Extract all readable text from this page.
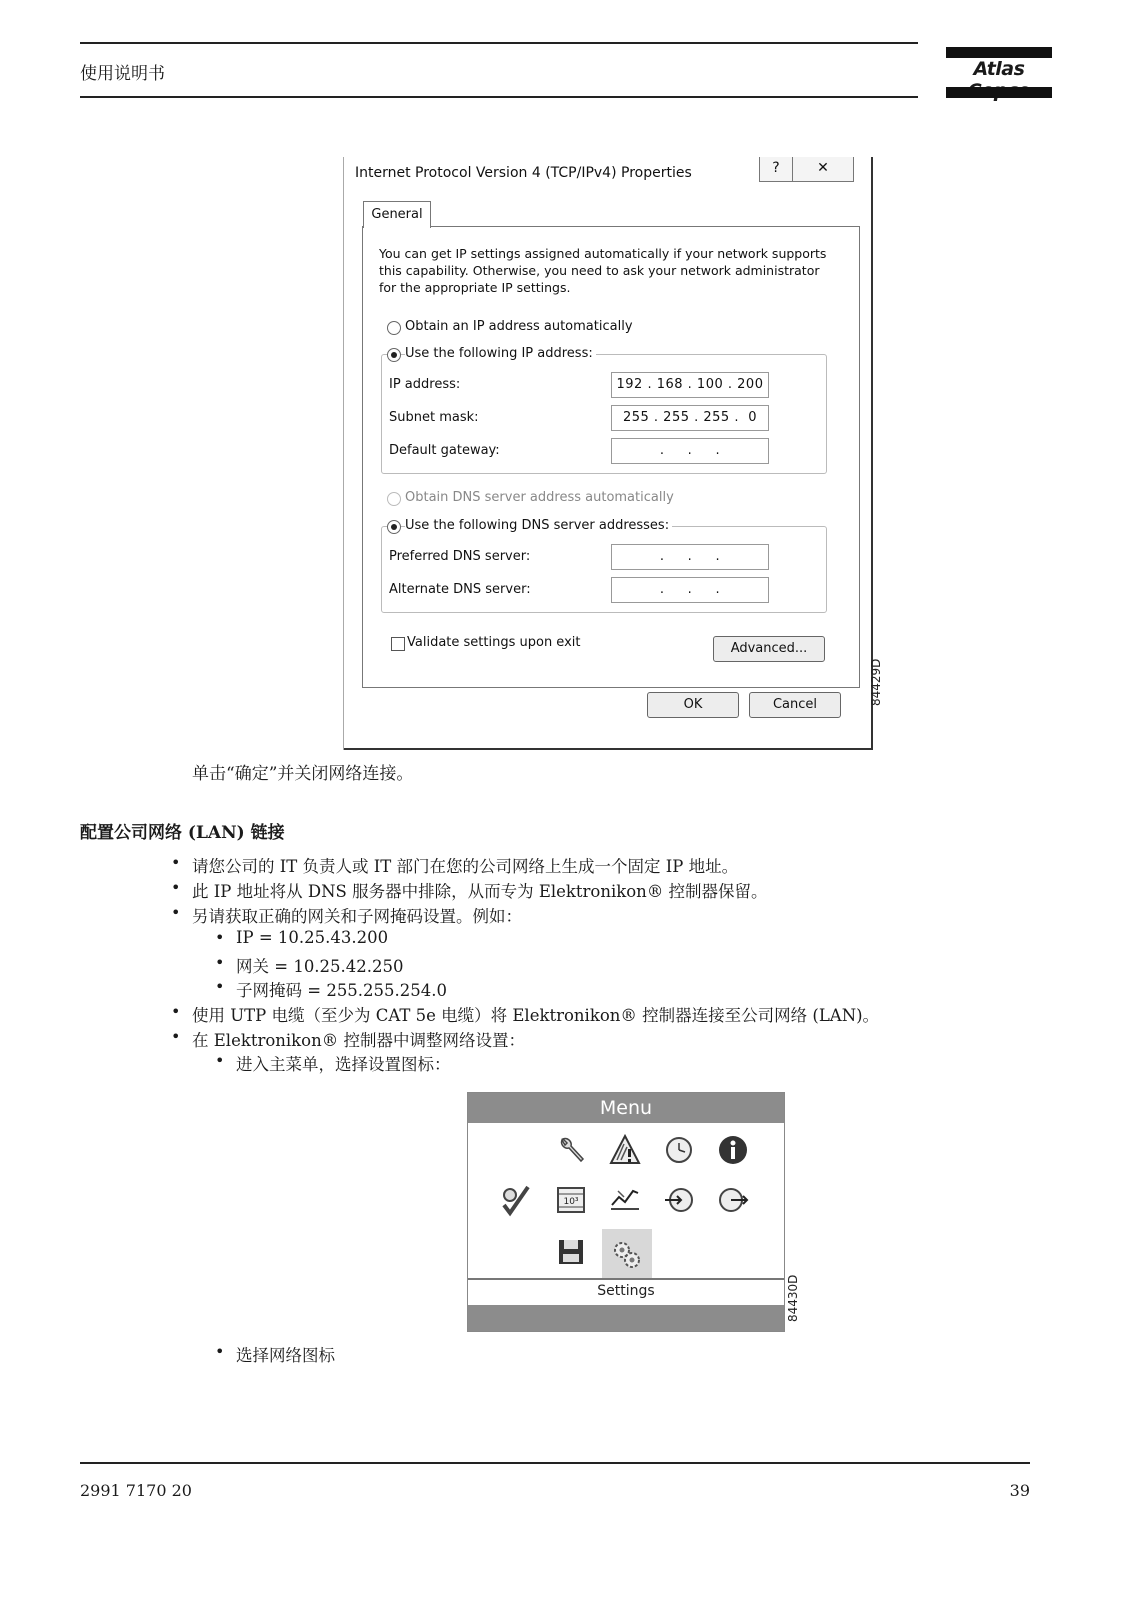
使用说明书	Atlas
Internet Protocol Version 4 (TCP/IPv4) Properties	?	✕
General
You can get IP settings assigned automatically if your network supports this capability. Otherwise, you need to ask your network administrator for the appropriate IP settings.
Obtain an IP address automatically
Use the following IP address:
IP address:	192 . 168 . 100 . 200
Subnet mask:	255 . 255 . 255 .  0
Default gateway:	.     .     .
Obtain DNS server address automatically
Use the following DNS server addresses:
Preferred DNS server:	.     .     .
Alternate DNS server:	.     .     .
Validate settings upon exit	Advanced...
OK	Cancel	84429D
单击“确定”并关闭网络连接。
配置公司网络 (LAN) 链接
• 请您公司的 IT 负责人或 IT 部门在您的公司网络上生成一个固定 IP 地址。
• 此 IP 地址将从 DNS 服务器中排除，从而专为 Elektronikon® 控制器保留。
• 另请获取正确的网关和子网掩码设置。例如：
• IP = 10.25.43.200
• 网关 = 10.25.42.250
• 子网掩码 = 255.255.254.0
• 使用 UTP 电缆（至少为 CAT 5e 电缆）将 Elektronikon® 控制器连接至公司网络 (LAN)。
• 在 Elektronikon® 控制器中调整网络设置：
• 进入主菜单，选择设置图标：
• 选择网络图标
Menu
10³
Settings	84430D
2991 7170 20	39
